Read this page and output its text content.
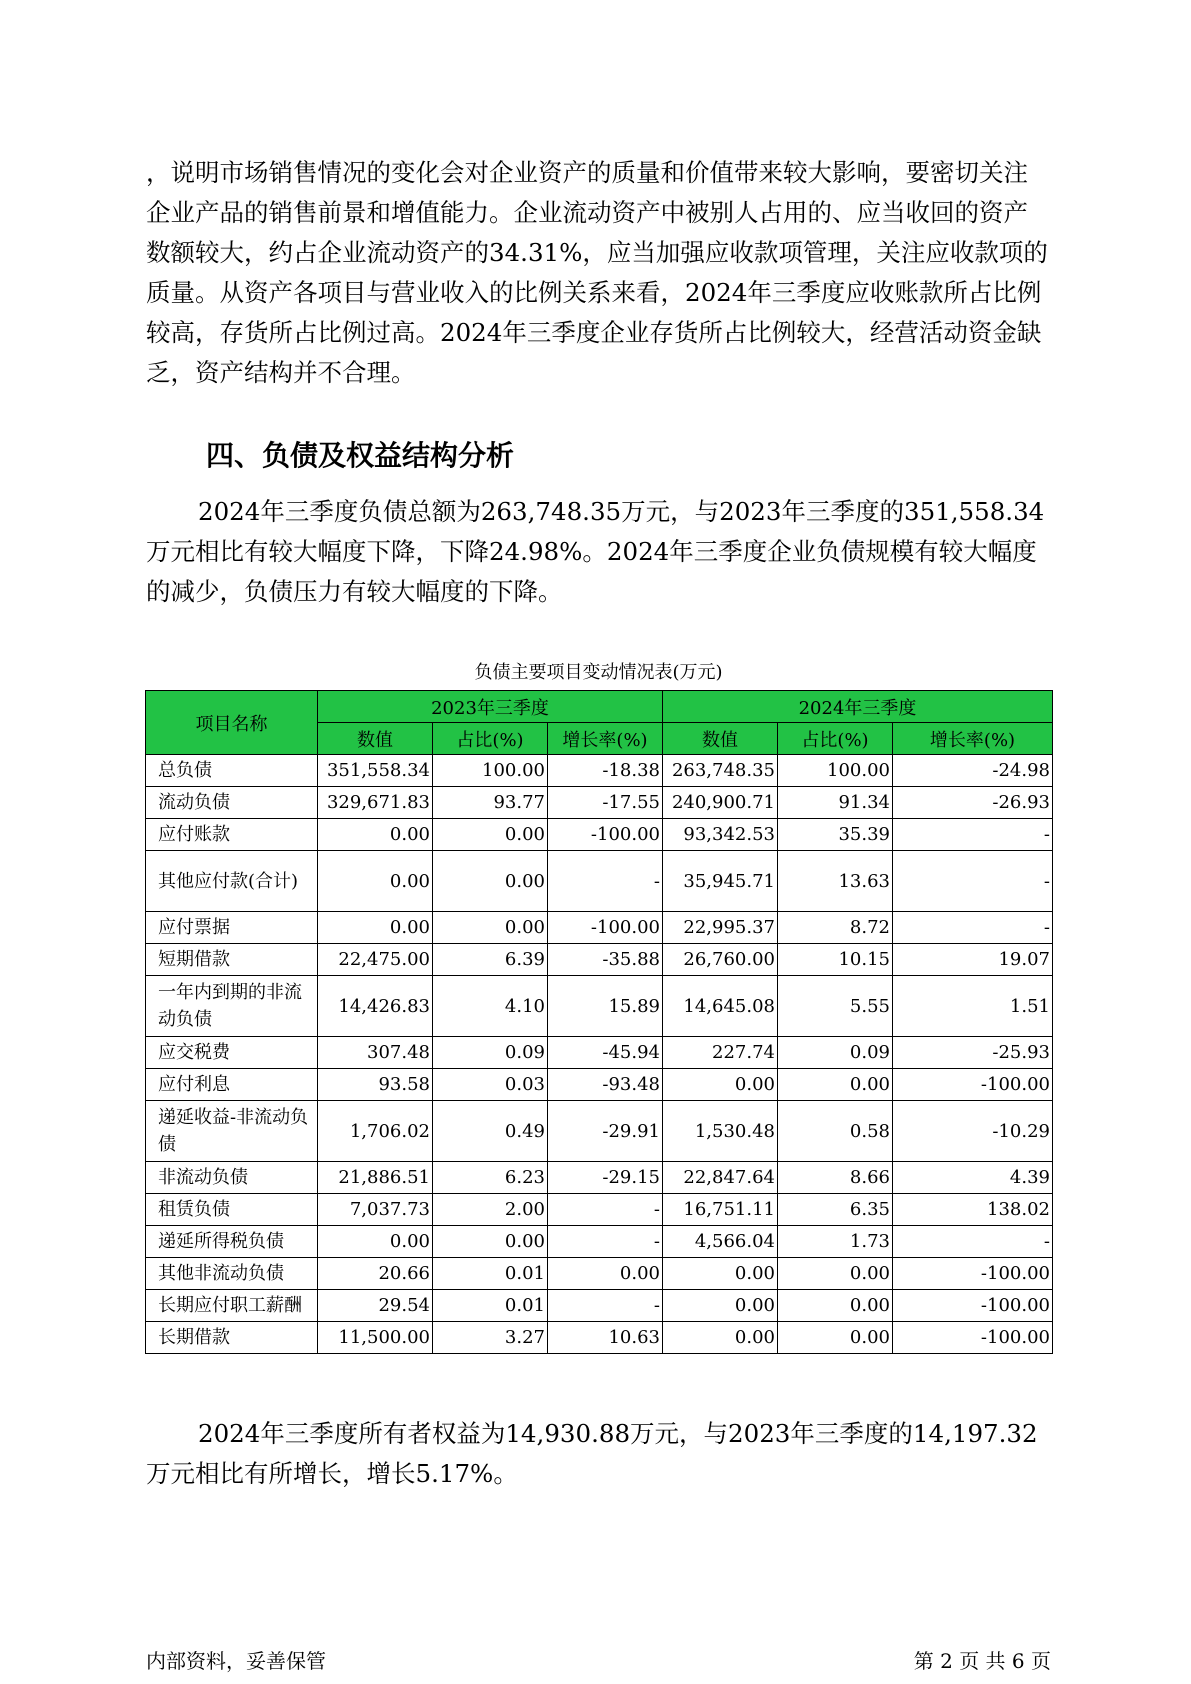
，说明市场销售情况的变化会对企业资产的质量和价值带来较大影响，要密切关注企业产品的销售前景和增值能力。企业流动资产中被别人占用的、应当收回的资产数额较大，约占企业流动资产的34.31%，应当加强应收款项管理，关注应收款项的质量。从资产各项目与营业收入的比例关系来看，2024年三季度应收账款所占比例较高，存货所占比例过高。2024年三季度企业存货所占比例较大，经营活动资金缺乏，资产结构并不合理。

四、负债及权益结构分析

2024年三季度负债总额为263,748.35万元，与2023年三季度的351,558.34万元相比有较大幅度下降，下降24.98%。2024年三季度企业负债规模有较大幅度的减少，负债压力有较大幅度的下降。

负债主要项目变动情况表(万元)
项目名称	2023年三季度			2024年三季度		
	数值	占比(%)	增长率(%)	数值	占比(%)	增长率(%)
总负债	351,558.34	100.00	-18.38	263,748.35	100.00	-24.98
流动负债	329,671.83	93.77	-17.55	240,900.71	91.34	-26.93
应付账款	0.00	0.00	-100.00	93,342.53	35.39	-
其他应付款(合计)	0.00	0.00	-	35,945.71	13.63	-
应付票据	0.00	0.00	-100.00	22,995.37	8.72	-
短期借款	22,475.00	6.39	-35.88	26,760.00	10.15	19.07
一年内到期的非流动负债	14,426.83	4.10	15.89	14,645.08	5.55	1.51
应交税费	307.48	0.09	-45.94	227.74	0.09	-25.93
应付利息	93.58	0.03	-93.48	0.00	0.00	-100.00
递延收益-非流动负债	1,706.02	0.49	-29.91	1,530.48	0.58	-10.29
非流动负债	21,886.51	6.23	-29.15	22,847.64	8.66	4.39
租赁负债	7,037.73	2.00	-	16,751.11	6.35	138.02
递延所得税负债	0.00	0.00	-	4,566.04	1.73	-
其他非流动负债	20.66	0.01	0.00	0.00	0.00	-100.00
长期应付职工薪酬	29.54	0.01	-	0.00	0.00	-100.00
长期借款	11,500.00	3.27	10.63	0.00	0.00	-100.00

2024年三季度所有者权益为14,930.88万元，与2023年三季度的14,197.32万元相比有所增长，增长5.17%。

内部资料，妥善保管	第 2 页 共 6 页
